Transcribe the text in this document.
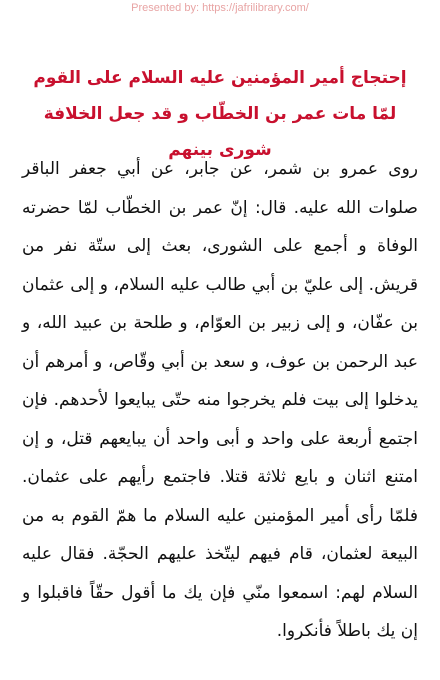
Presented by: https://jafrilibrary.com/
إحتجاج أمير المؤمنين عليه السلام على القوم لمّا مات عمر بن الخطّاب و قد جعل الخلافة شورى بينهم
روى عمرو بن شمر، عن جابر، عن أبي جعفر الباقر صلوات الله عليه. قال: إنّ عمر بن الخطّاب لمّا حضرته الوفاة و أجمع على الشورى، بعث إلى ستّة نفر من قريش. إلى عليّ بن أبي طالب عليه السلام، و إلى عثمان بن عفّان، و إلى زبير بن العوّام، و طلحة بن عبيد الله، و عبد الرحمن بن عوف، و سعد بن أبي وقّاص، و أمرهم أن يدخلوا إلى بيت فلم يخرجوا منه حتّى يبايعوا لأحدهم. فإن اجتمع أربعة على واحد و أبى واحد أن يبايعهم قتل، و إن امتنع اثنان و بايع ثلاثة قتلا. فاجتمع رأيهم على عثمان. فلمّا رأى أمير المؤمنين عليه السلام ما همّ القوم به من البيعة لعثمان، قام فيهم ليتّخذ عليهم الحجّة. فقال عليه السلام لهم: اسمعوا منّي فإن يك ما أقول حقّاً فاقبلوا و إن يك باطلاً فأنكروا.
